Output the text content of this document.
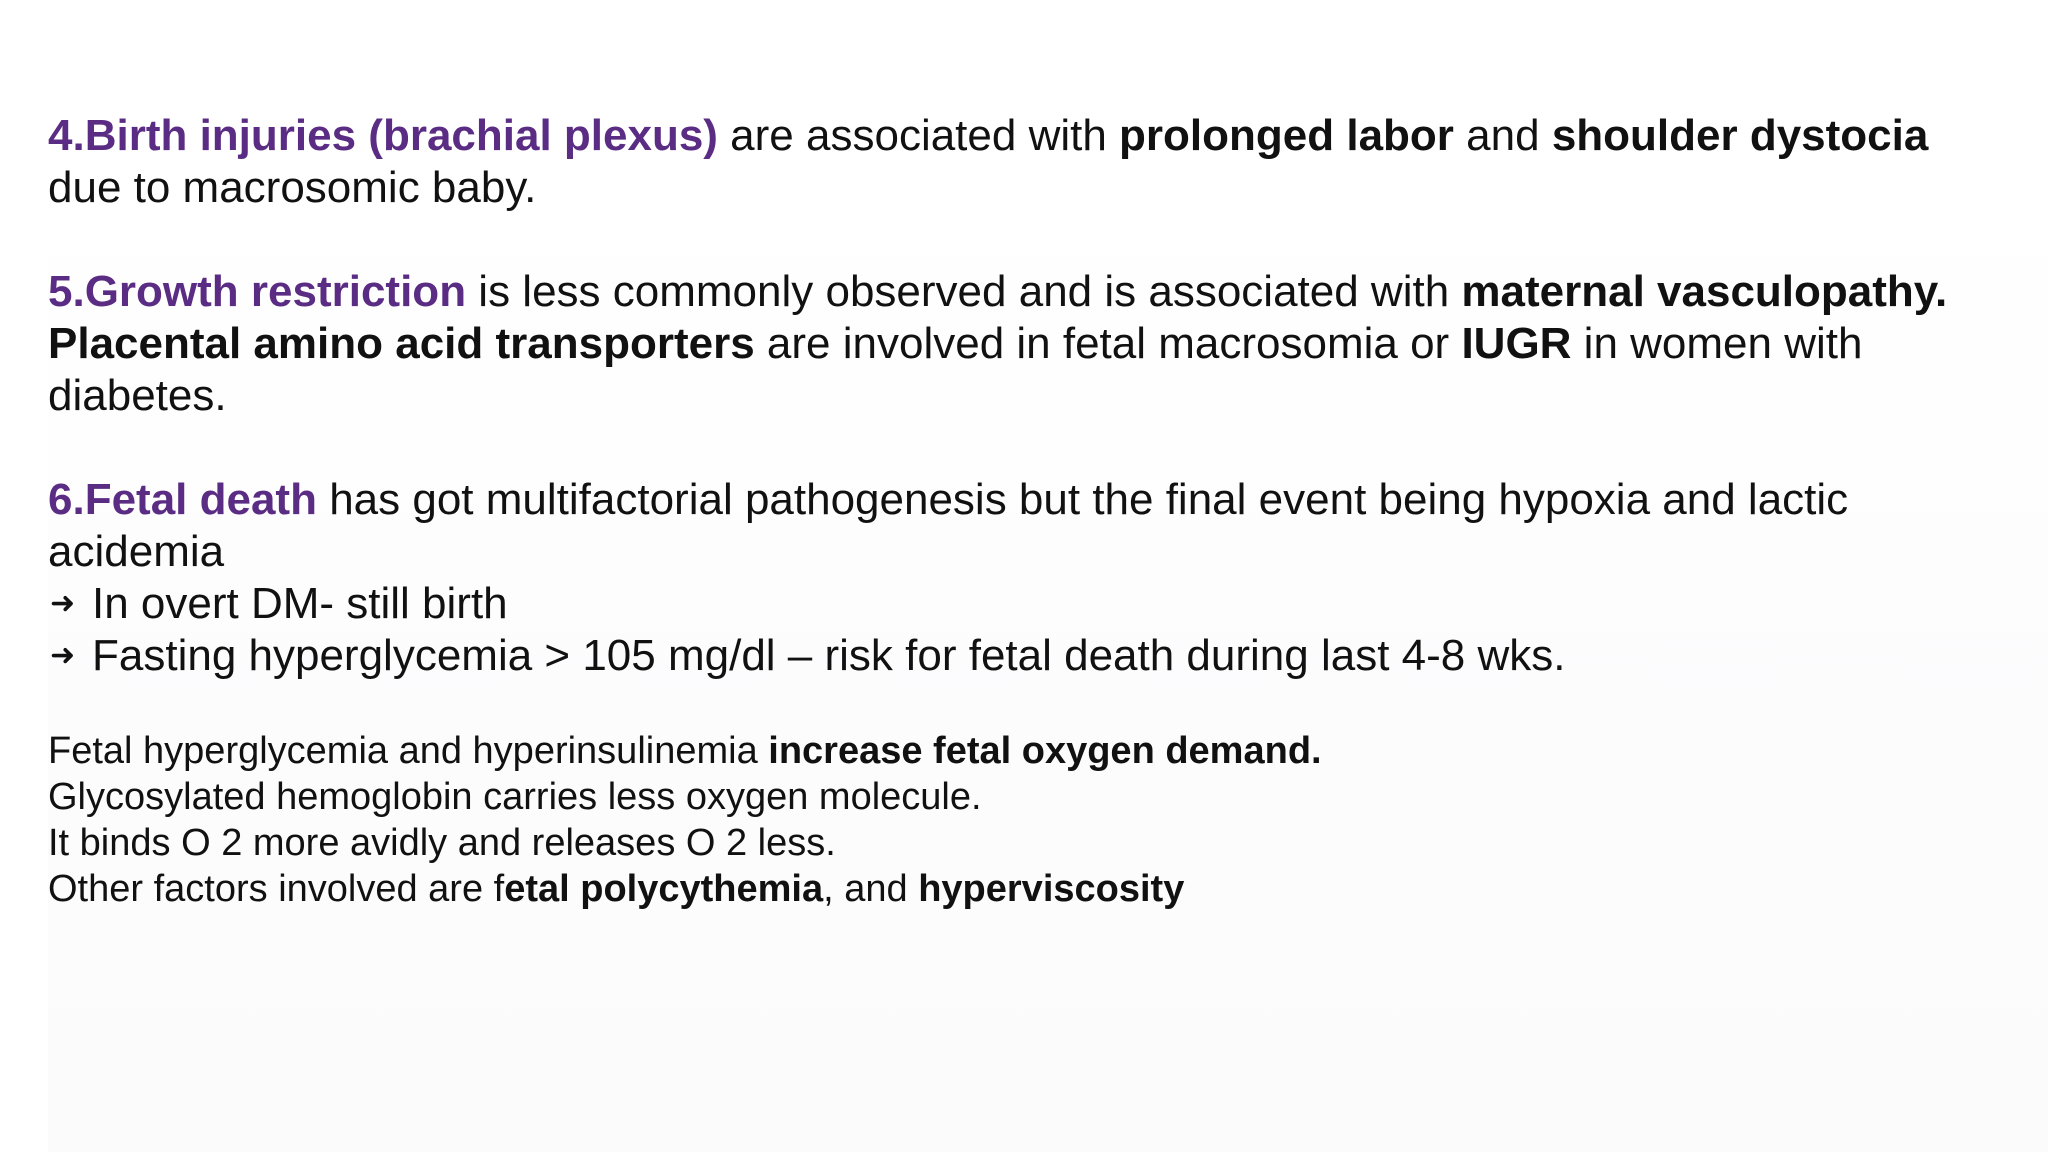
4.Birth injuries (brachial plexus) are associated with prolonged labor and shoulder dystocia due to macrosomic baby.

5.Growth restriction is less commonly observed and is associated with maternal vasculopathy.

Placental amino acid transporters are involved in fetal macrosomia or IUGR in women with diabetes.

6.Fetal death has got multifactorial pathogenesis but the final event being hypoxia and lactic acidemia

➜ In overt DM- still birth

➜ Fasting hyperglycemia > 105 mg/dl – risk for fetal death during last 4-8 wks.

Fetal hyperglycemia and hyperinsulinemia increase fetal oxygen demand.

Glycosylated hemoglobin carries less oxygen molecule.

It binds O 2 more avidly and releases O 2 less.

Other factors involved are fetal polycythemia, and hyperviscosity
